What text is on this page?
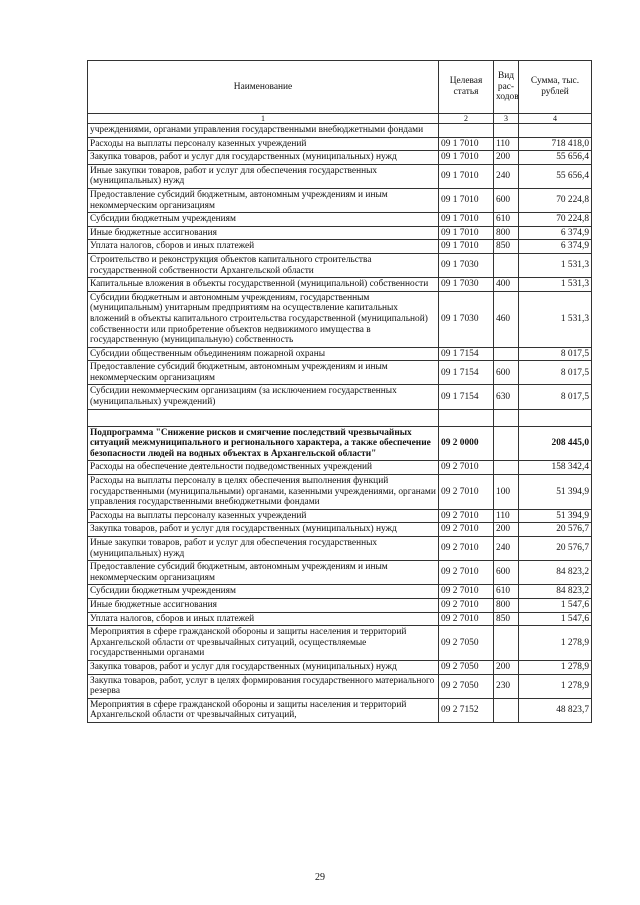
Наименование	Целевая статья	Вид рас-ходов	Сумма, тыс. рублей
1	2	3	4
учреждениями, органами управления государственными внебюджетными фондами			
Расходы на выплаты персоналу казенных учреждений	09 1 7010	110	718 418,0
Закупка товаров, работ и услуг для государственных (муниципальных) нужд	09 1 7010	200	55 656,4
Иные закупки товаров, работ и услуг для обеспечения государственных (муниципальных) нужд	09 1 7010	240	55 656,4
Предоставление субсидий бюджетным, автономным учреждениям и иным некоммерческим организациям	09 1 7010	600	70 224,8
Субсидии бюджетным учреждениям	09 1 7010	610	70 224,8
Иные бюджетные ассигнования	09 1 7010	800	6 374,9
Уплата налогов, сборов и иных платежей	09 1 7010	850	6 374,9
Строительство и реконструкция объектов капитального строительства государственной собственности Архангельской области	09 1 7030		1 531,3
Капитальные вложения в объекты государственной (муниципальной) собственности	09 1 7030	400	1 531,3
Субсидии бюджетным и автономным учреждениям, государственным (муниципальным) унитарным предприятиям на осуществление капитальных вложений в объекты капитального строительства государственной (муниципальной) собственности или приобретение объектов недвижимого имущества в государственную (муниципальную) собственность	09 1 7030	460	1 531,3
Субсидии общественным объединениям пожарной охраны	09 1 7154		8 017,5
Предоставление субсидий бюджетным, автономным учреждениям и иным некоммерческим организациям	09 1 7154	600	8 017,5
Субсидии некоммерческим организациям (за исключением государственных (муниципальных) учреждений)	09 1 7154	630	8 017,5

Подпрограмма "Снижение рисков и смягчение последствий чрезвычайных ситуаций межмуниципального и регионального характера, а также обеспечение безопасности людей на водных объектах в Архангельской области"	09 2 0000		208 445,0
Расходы на обеспечение деятельности подведомственных учреждений	09 2 7010		158 342,4
Расходы на выплаты персоналу в целях обеспечения выполнения функций государственными (муниципальными) органами, казенными учреждениями, органами управления государственными внебюджетными фондами	09 2 7010	100	51 394,9
Расходы на выплаты персоналу казенных учреждений	09 2 7010	110	51 394,9
Закупка товаров, работ и услуг для государственных (муниципальных) нужд	09 2 7010	200	20 576,7
Иные закупки товаров, работ и услуг для обеспечения государственных (муниципальных) нужд	09 2 7010	240	20 576,7
Предоставление субсидий бюджетным, автономным учреждениям и иным некоммерческим организациям	09 2 7010	600	84 823,2
Субсидии бюджетным учреждениям	09 2 7010	610	84 823,2
Иные бюджетные ассигнования	09 2 7010	800	1 547,6
Уплата налогов, сборов и иных платежей	09 2 7010	850	1 547,6
Мероприятия в сфере гражданской обороны и защиты населения и территорий Архангельской области от чрезвычайных ситуаций, осуществляемые государственными органами	09 2 7050		1 278,9
Закупка товаров, работ и услуг для государственных (муниципальных) нужд	09 2 7050	200	1 278,9
Закупка товаров, работ, услуг в целях формирования государственного материального резерва	09 2 7050	230	1 278,9
Мероприятия в сфере гражданской обороны и защиты населения и территорий Архангельской области от чрезвычайных ситуаций,	09 2 7152		48 823,7
29
